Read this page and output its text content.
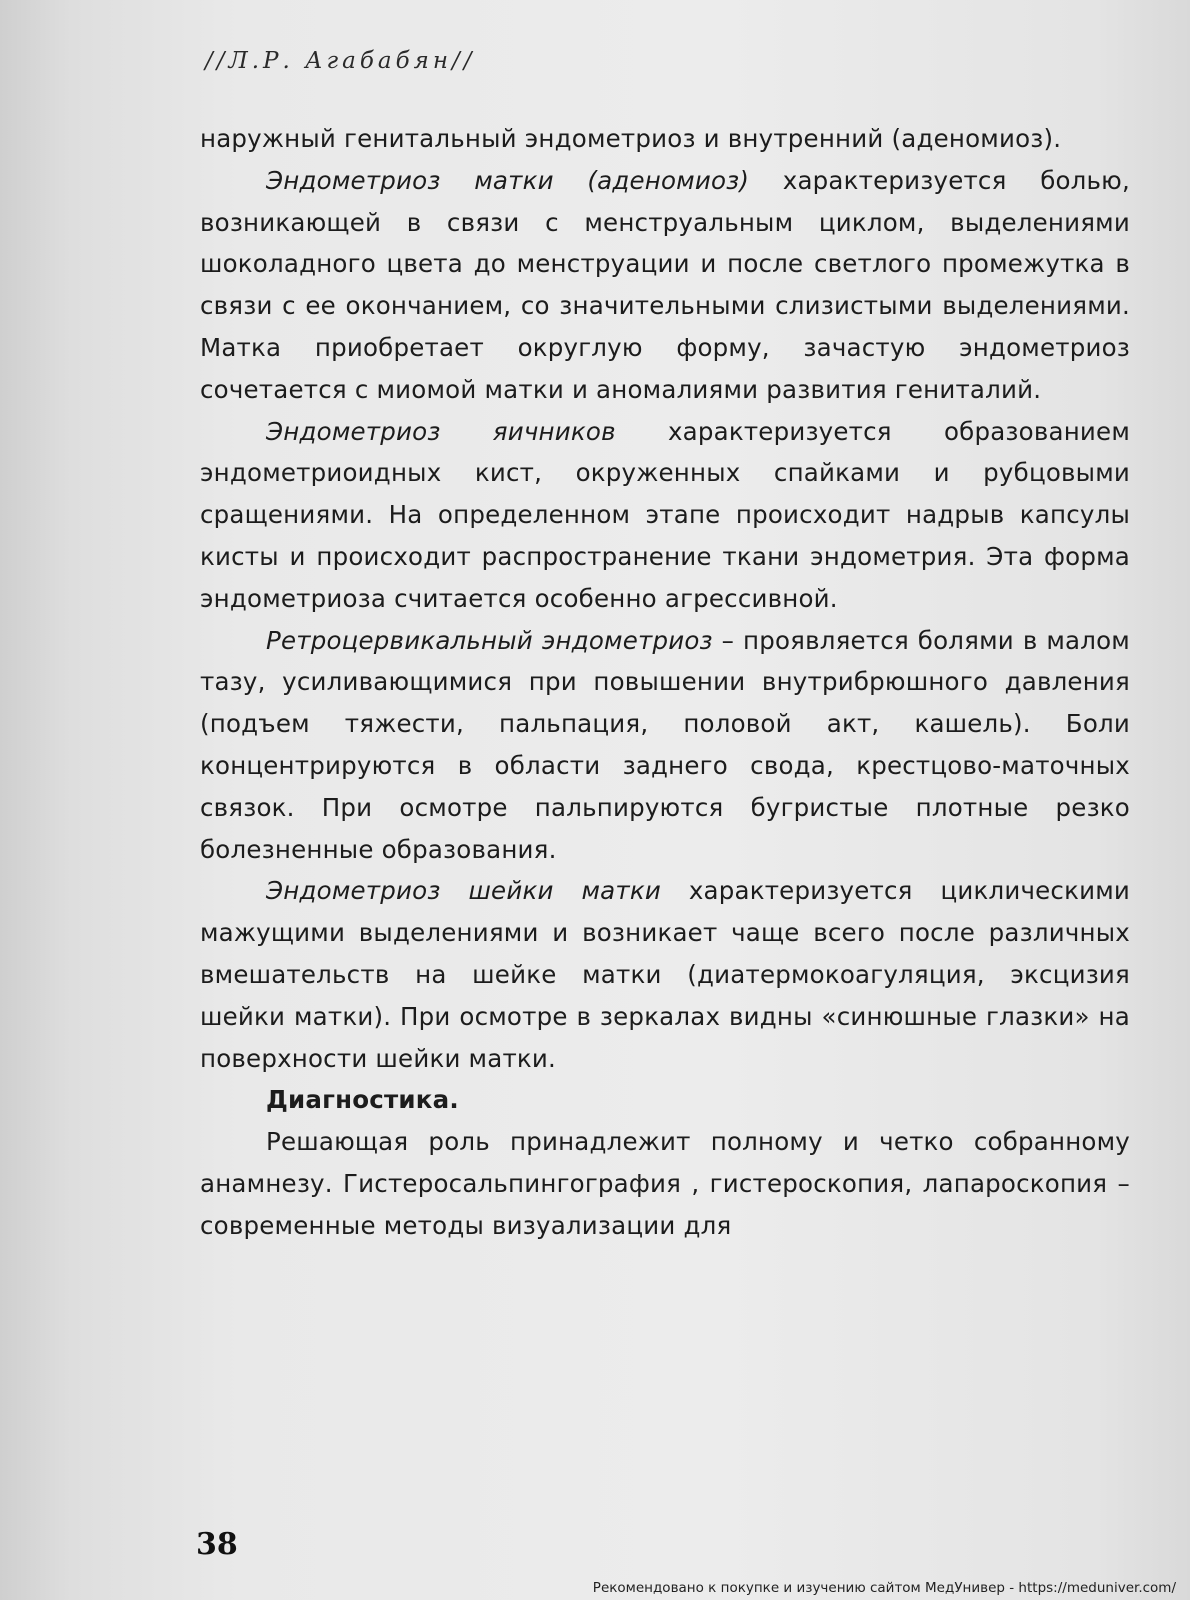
//Л.Р. Агабабян//

наружный генитальный эндометриоз и внутренний (аденомиоз).

Эндометриоз матки (аденомиоз) характеризуется болью, возникающей в связи с менструальным циклом, выделениями шоколадного цвета до менструации и после светлого промежутка в связи с ее окончанием, со значительными слизистыми выделениями. Матка приобретает округлую форму, зачастую эндометриоз сочетается с миомой матки и аномалиями развития гениталий.

Эндометриоз яичников характеризуется образованием эндометриоидных кист, окруженных спайками и рубцовыми сращениями. На определенном этапе происходит надрыв капсулы кисты и происходит распространение ткани эндометрия. Эта форма эндометриоза считается особенно агрессивной.

Ретроцервикальный эндометриоз – проявляется болями в малом тазу, усиливающимися при повышении внутрибрюшного давления (подъем тяжести, пальпация, половой акт, кашель). Боли концентрируются в области заднего свода, крестцово-маточных связок. При осмотре пальпируются бугристые плотные резко болезненные образования.

Эндометриоз шейки матки характеризуется циклическими мажущими выделениями и возникает чаще всего после различных вмешательств на шейке матки (диатермокоагуляция, эксцизия шейки матки). При осмотре в зеркалах видны «синюшные глазки» на поверхности шейки матки.

Диагностика.

Решающая роль принадлежит полному и четко собранному анамнезу. Гистеросальпингография , гистероскопия, лапароскопия – современные методы визуализации для

38
Рекомендовано к покупке и изучению сайтом МедУнивер - https://meduniver.com/
